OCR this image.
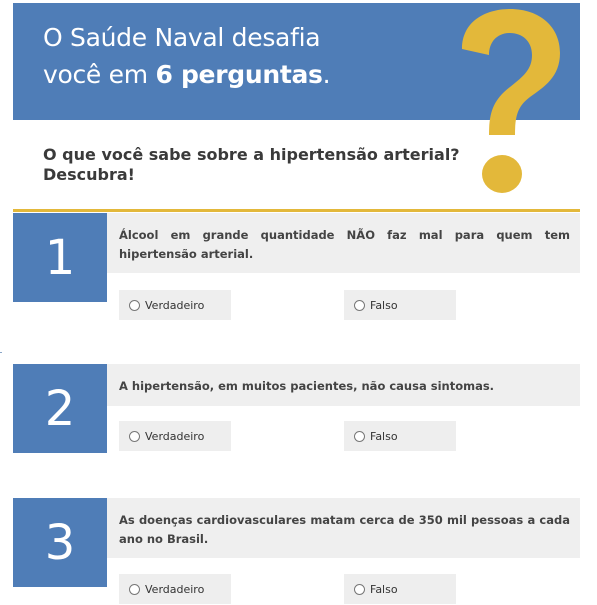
O Saúde Naval desafia
você em 6 perguntas.
O que você sabe sobre a hipertensão arterial?
Descubra!
1	Álcool em grande quantidade NÃO faz mal para quem tem hipertensão arterial.
Verdadeiro	Falso
2	A hipertensão, em muitos pacientes, não causa sintomas.
Verdadeiro	Falso
3	As doenças cardiovasculares matam cerca de 350 mil pessoas a cada ano no Brasil.
Verdadeiro	Falso
